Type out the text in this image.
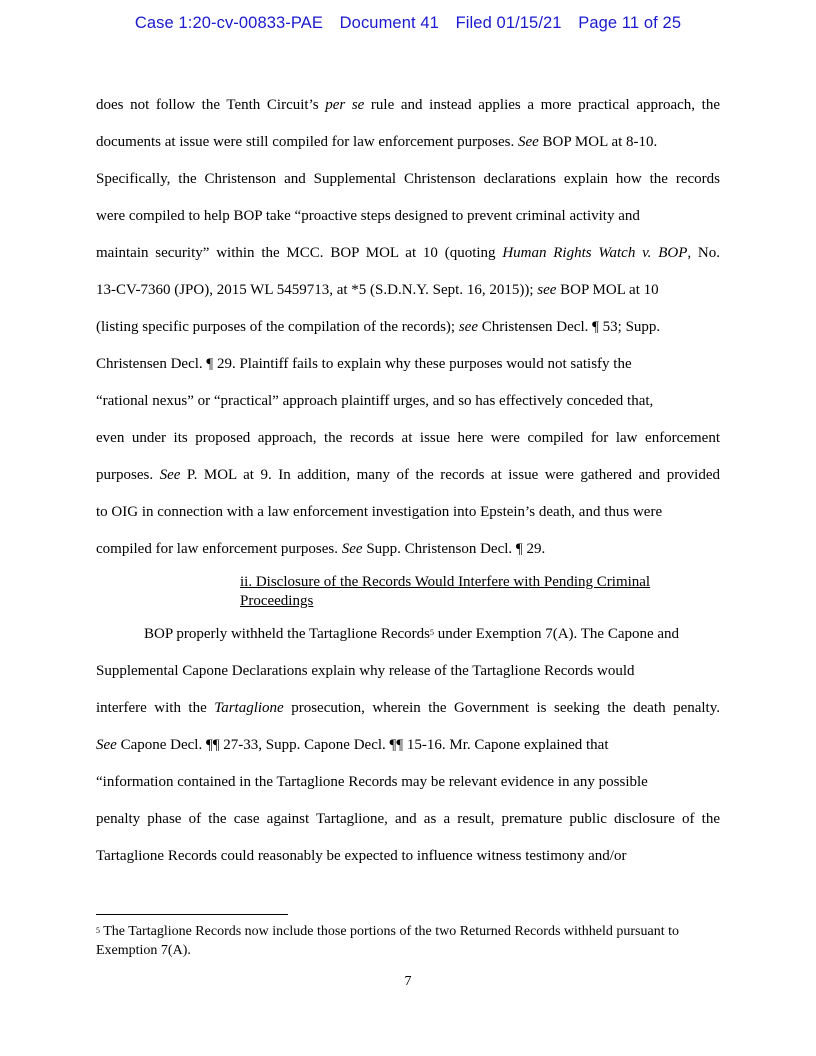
Case 1:20-cv-00833-PAE Document 41 Filed 01/15/21 Page 11 of 25
does not follow the Tenth Circuit’s per se rule and instead applies a more practical approach, the
documents at issue were still compiled for law enforcement purposes. See BOP MOL at 8-10.
Specifically, the Christenson and Supplemental Christenson declarations explain how the records
were compiled to help BOP take “proactive steps designed to prevent criminal activity and
maintain security” within the MCC. BOP MOL at 10 (quoting Human Rights Watch v. BOP, No.
13-CV-7360 (JPO), 2015 WL 5459713, at *5 (S.D.N.Y. Sept. 16, 2015)); see BOP MOL at 10
(listing specific purposes of the compilation of the records); see Christensen Decl. ¶ 53; Supp.
Christensen Decl. ¶ 29. Plaintiff fails to explain why these purposes would not satisfy the
“rational nexus” or “practical” approach plaintiff urges, and so has effectively conceded that,
even under its proposed approach, the records at issue here were compiled for law enforcement
purposes. See P. MOL at 9. In addition, many of the records at issue were gathered and provided
to OIG in connection with a law enforcement investigation into Epstein’s death, and thus were
compiled for law enforcement purposes. See Supp. Christenson Decl. ¶ 29.
ii. Disclosure of the Records Would Interfere with Pending Criminal Proceedings
BOP properly withheld the Tartaglione Records$^5$ under Exemption 7(A). The Capone and
Supplemental Capone Declarations explain why release of the Tartaglione Records would
interfere with the Tartaglione prosecution, wherein the Government is seeking the death penalty.
See Capone Decl. ¶¶ 27-33, Supp. Capone Decl. ¶¶ 15-16. Mr. Capone explained that
“information contained in the Tartaglione Records may be relevant evidence in any possible
penalty phase of the case against Tartaglione, and as a result, premature public disclosure of the
Tartaglione Records could reasonably be expected to influence witness testimony and/or
$^5$ The Tartaglione Records now include those portions of the two Returned Records withheld pursuant to Exemption 7(A).
7
